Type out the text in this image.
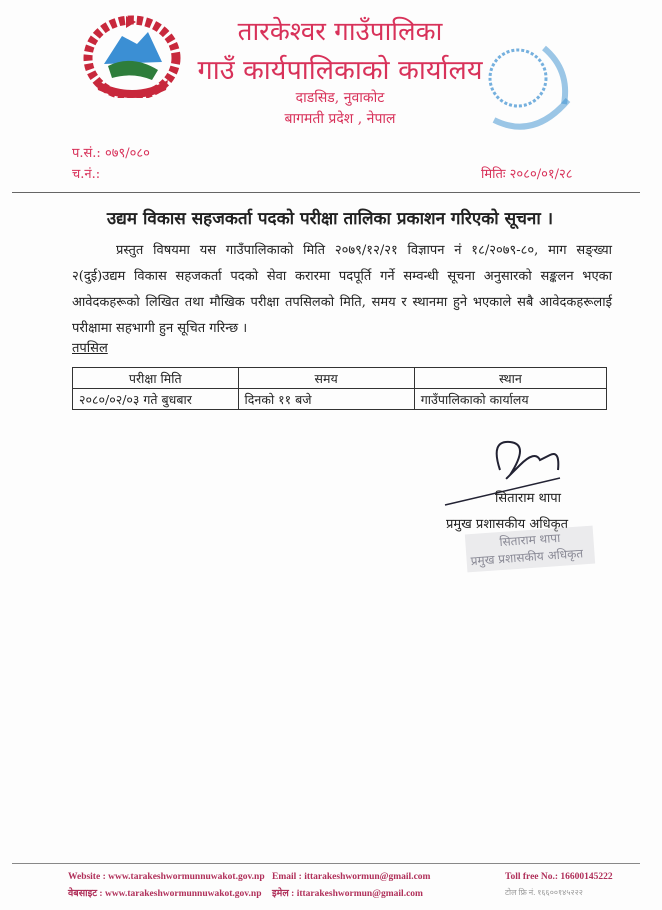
तारकेश्वर गाउँपालिका
गाउँ कार्यपालिकाको कार्यालय
दाडसिड, नुवाकोट
बागमती प्रदेश , नेपाल
प.सं.: ०७९/०८०
च.नं.:	मितिः २०८०/०१/२८
उद्यम विकास सहजकर्ता पदको परीक्षा तालिका प्रकाशन गरिएको सूचना ।
प्रस्तुत विषयमा यस गाउँपालिकाको मिति २०७९/१२/२१ विज्ञापन नं १८/२०७९-८०, माग सङ्ख्या २(दुई)उद्यम विकास सहजकर्ता पदको सेवा करारमा पदपूर्ति गर्ने सम्वन्धी सूचना अनुसारको सङ्कलन भएका आवेदकहरूको लिखित तथा मौखिक परीक्षा तपसिलको मिति, समय र स्थानमा हुने भएकाले सबै आवेदकहरूलाई परीक्षामा सहभागी हुन सूचित गरिन्छ ।
तपसिल
परीक्षा मिति	समय	स्थान
२०८०/०२/०३ गते बुधबार	दिनको ११ बजे	गाउँपालिकाको कार्यालय
सिताराम थापा
प्रमुख प्रशासकीय अधिकृत
सिताराम थापा
प्रमुख प्रशासकीय अधिकृत
Website : www.tarakeshwormunnuwakot.gov.np
वेबसाइट : www.tarakeshwormunnuwakot.gov.np
Email : ittarakeshwormun@gmail.com
इमेल : ittarakeshwormun@gmail.com
Toll free No.: 16600145222
टोल फ्रि नं. १६६००१४५२२२
